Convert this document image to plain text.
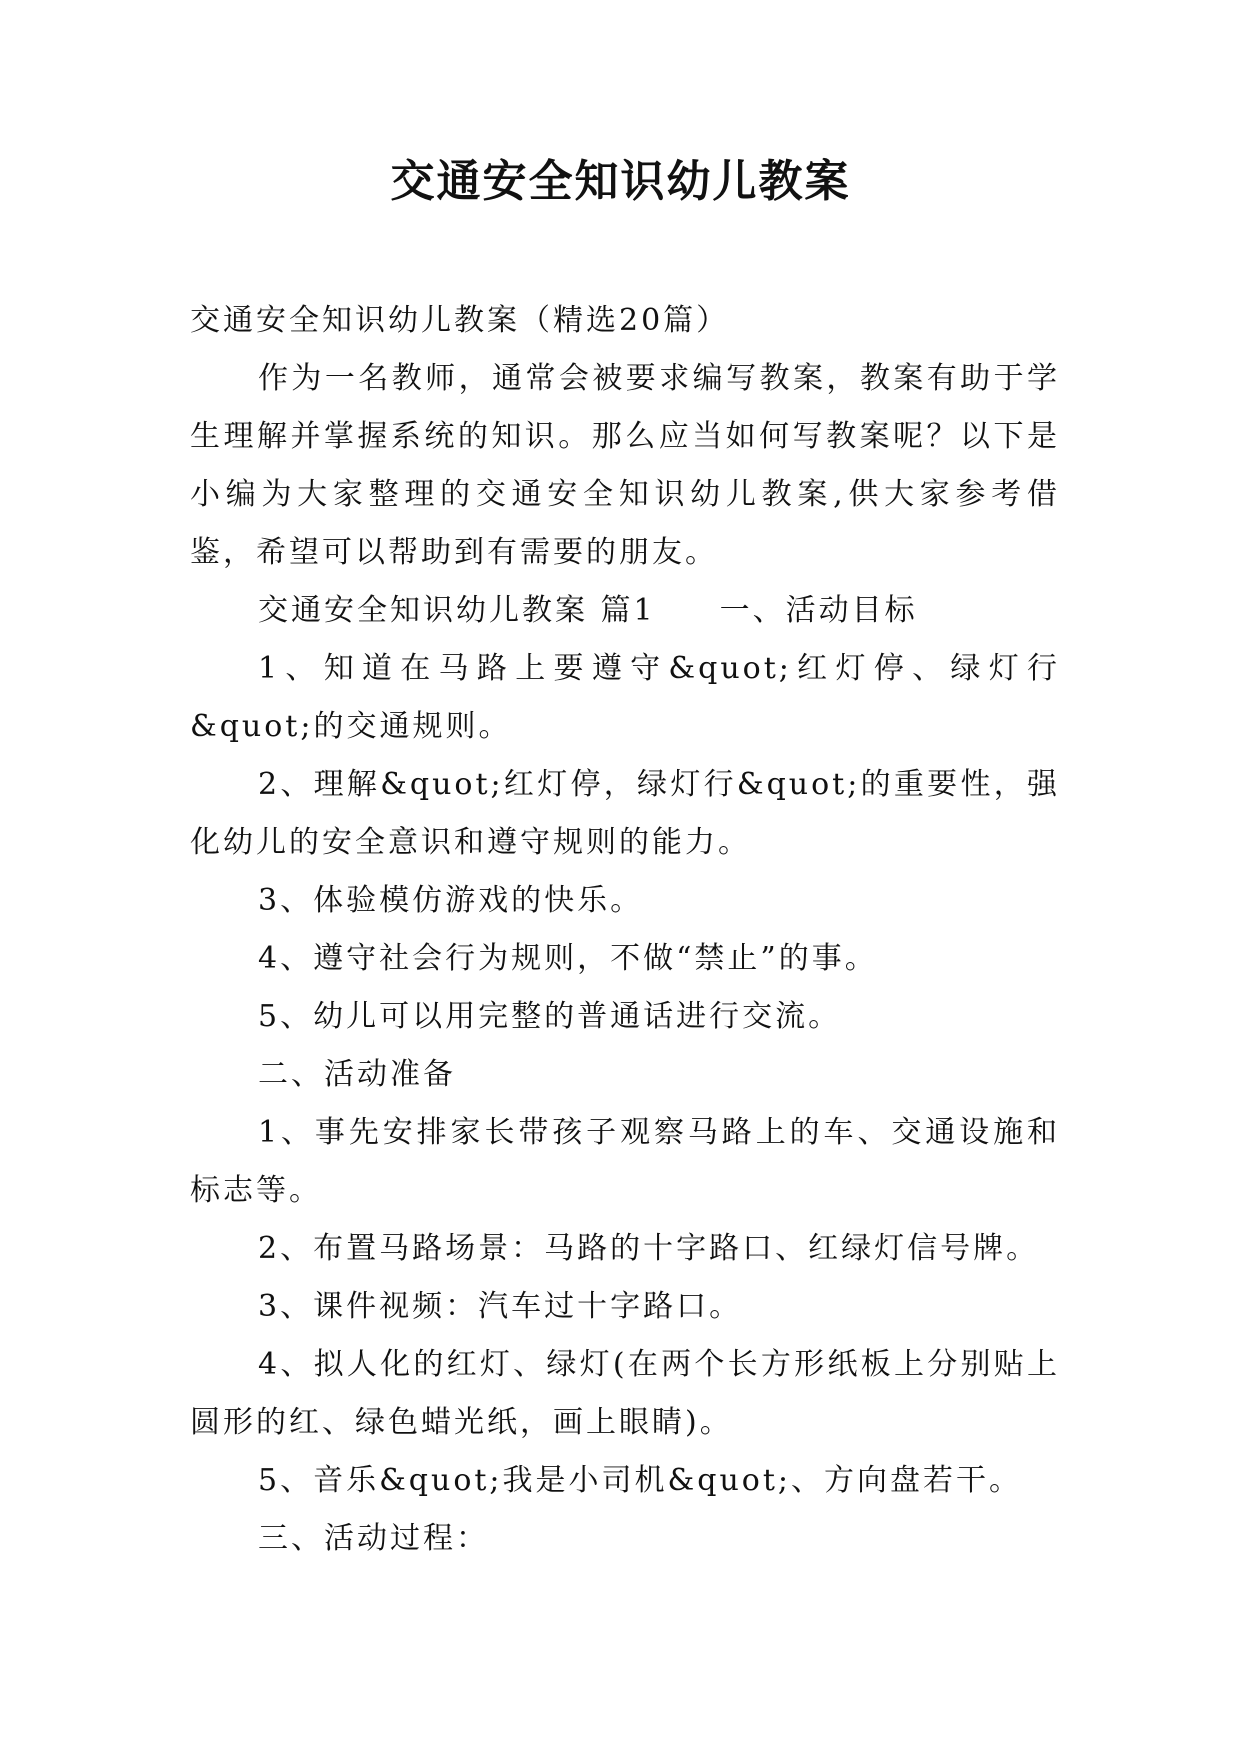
交通安全知识幼儿教案

交通安全知识幼儿教案（精选20篇）

作为一名教师，通常会被要求编写教案，教案有助于学生理解并掌握系统的知识。那么应当如何写教案呢？以下是小编为大家整理的交通安全知识幼儿教案,供大家参考借鉴，希望可以帮助到有需要的朋友。

交通安全知识幼儿教案 篇1 一、活动目标

1、知道在马路上要遵守&quot;红灯停、绿灯行&quot;的交通规则。

2、理解&quot;红灯停，绿灯行&quot;的重要性，强化幼儿的安全意识和遵守规则的能力。

3、体验模仿游戏的快乐。

4、遵守社会行为规则，不做“禁止”的事。

5、幼儿可以用完整的普通话进行交流。

二、活动准备

1、事先安排家长带孩子观察马路上的车、交通设施和标志等。

2、布置马路场景：马路的十字路口、红绿灯信号牌。

3、课件视频：汽车过十字路口。

4、拟人化的红灯、绿灯(在两个长方形纸板上分别贴上圆形的红、绿色蜡光纸，画上眼睛)。

5、音乐&quot;我是小司机&quot;、方向盘若干。

三、活动过程：
